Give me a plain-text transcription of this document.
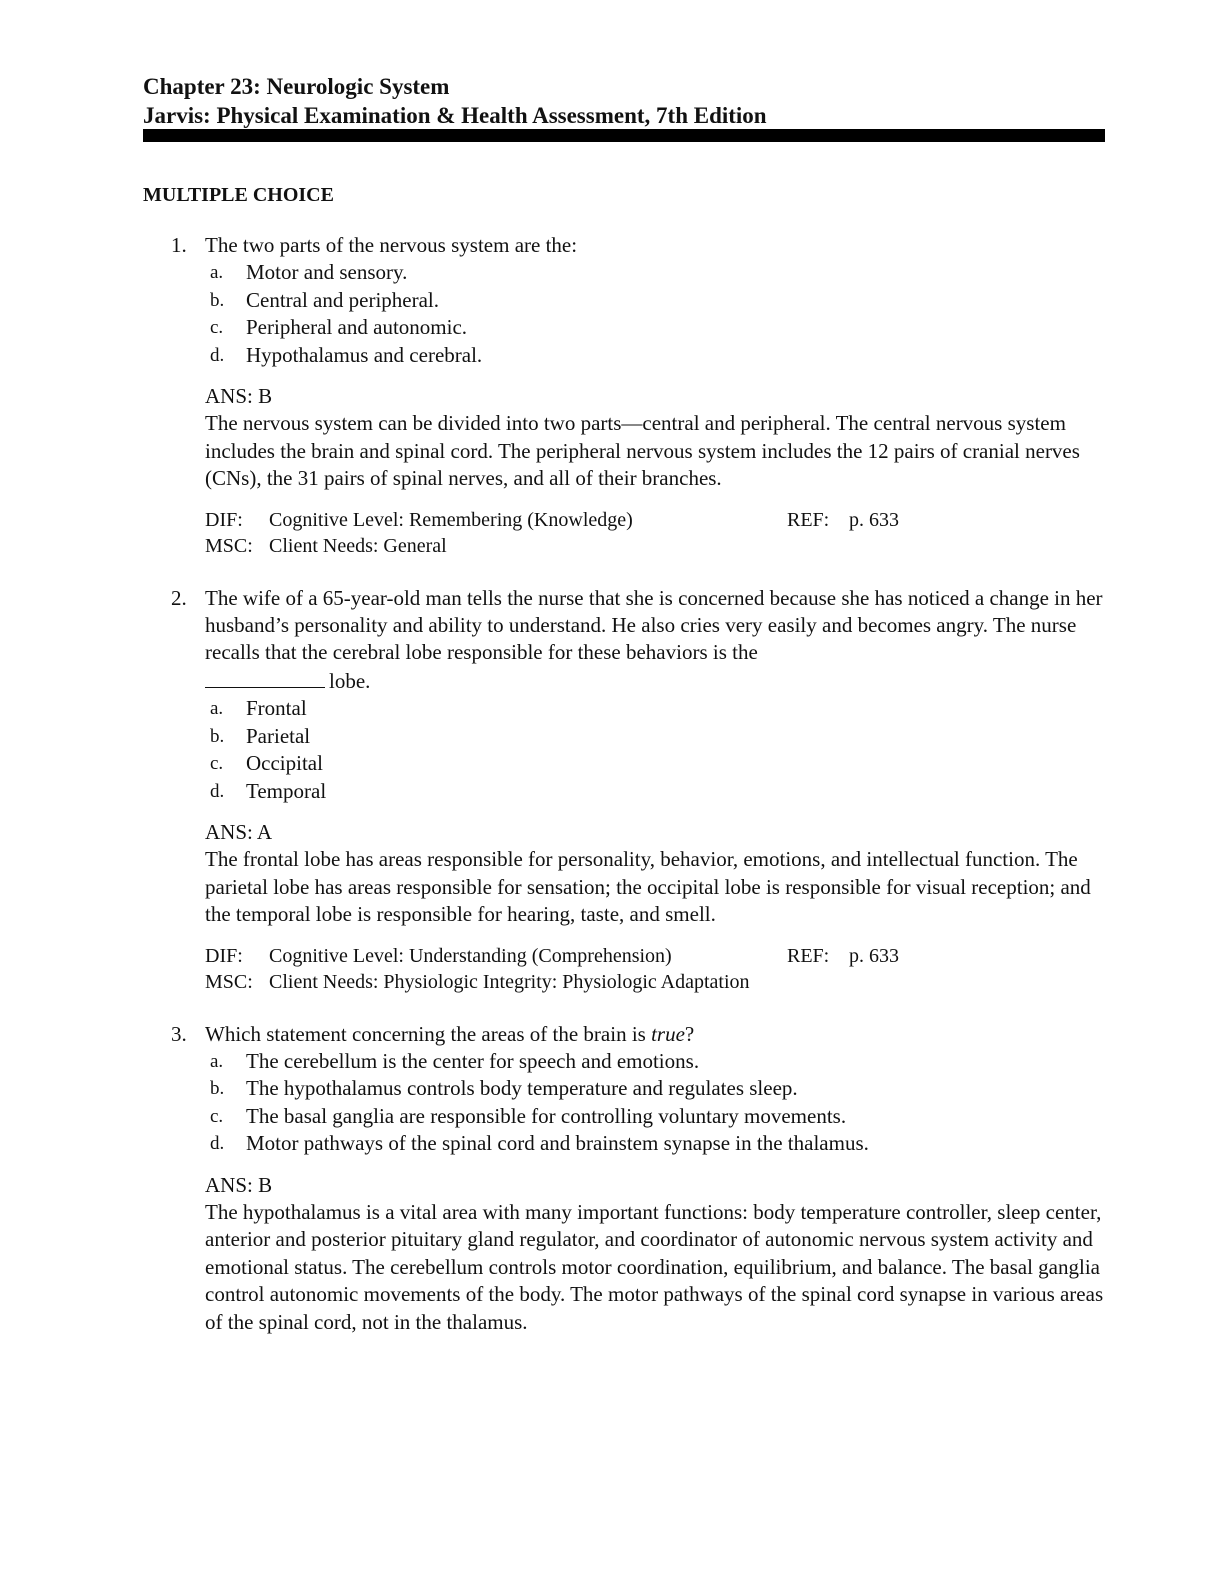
Chapter 23: Neurologic System
Jarvis: Physical Examination & Health Assessment, 7th Edition
MULTIPLE CHOICE
1. The two parts of the nervous system are the:
a.	Motor and sensory.
b.	Central and peripheral.
c.	Peripheral and autonomic.
d.	Hypothalamus and cerebral.
ANS: B
The nervous system can be divided into two parts—central and peripheral. The central nervous system includes the brain and spinal cord. The peripheral nervous system includes the 12 pairs of cranial nerves (CNs), the 31 pairs of spinal nerves, and all of their branches.
DIF:	Cognitive Level: Remembering (Knowledge)	REF: p. 633
MSC: Client Needs: General
2. The wife of a 65-year-old man tells the nurse that she is concerned because she has noticed a change in her husband’s personality and ability to understand. He also cries very easily and becomes angry. The nurse recalls that the cerebral lobe responsible for these behaviors is the
lobe.
a.	Frontal
b.	Parietal
c.	Occipital
d.	Temporal
ANS: A
The frontal lobe has areas responsible for personality, behavior, emotions, and intellectual function. The parietal lobe has areas responsible for sensation; the occipital lobe is responsible for visual reception; and the temporal lobe is responsible for hearing, taste, and smell.
DIF:	Cognitive Level: Understanding (Comprehension)	REF: p. 633
MSC: Client Needs: Physiologic Integrity: Physiologic Adaptation
3. Which statement concerning the areas of the brain is true?
a.	The cerebellum is the center for speech and emotions.
b.	The hypothalamus controls body temperature and regulates sleep.
c.	The basal ganglia are responsible for controlling voluntary movements.
d.	Motor pathways of the spinal cord and brainstem synapse in the thalamus.
ANS: B
The hypothalamus is a vital area with many important functions: body temperature controller, sleep center, anterior and posterior pituitary gland regulator, and coordinator of autonomic nervous system activity and emotional status. The cerebellum controls motor coordination, equilibrium, and balance. The basal ganglia control autonomic movements of the body. The motor pathways of the spinal cord synapse in various areas of the spinal cord, not in the thalamus.
